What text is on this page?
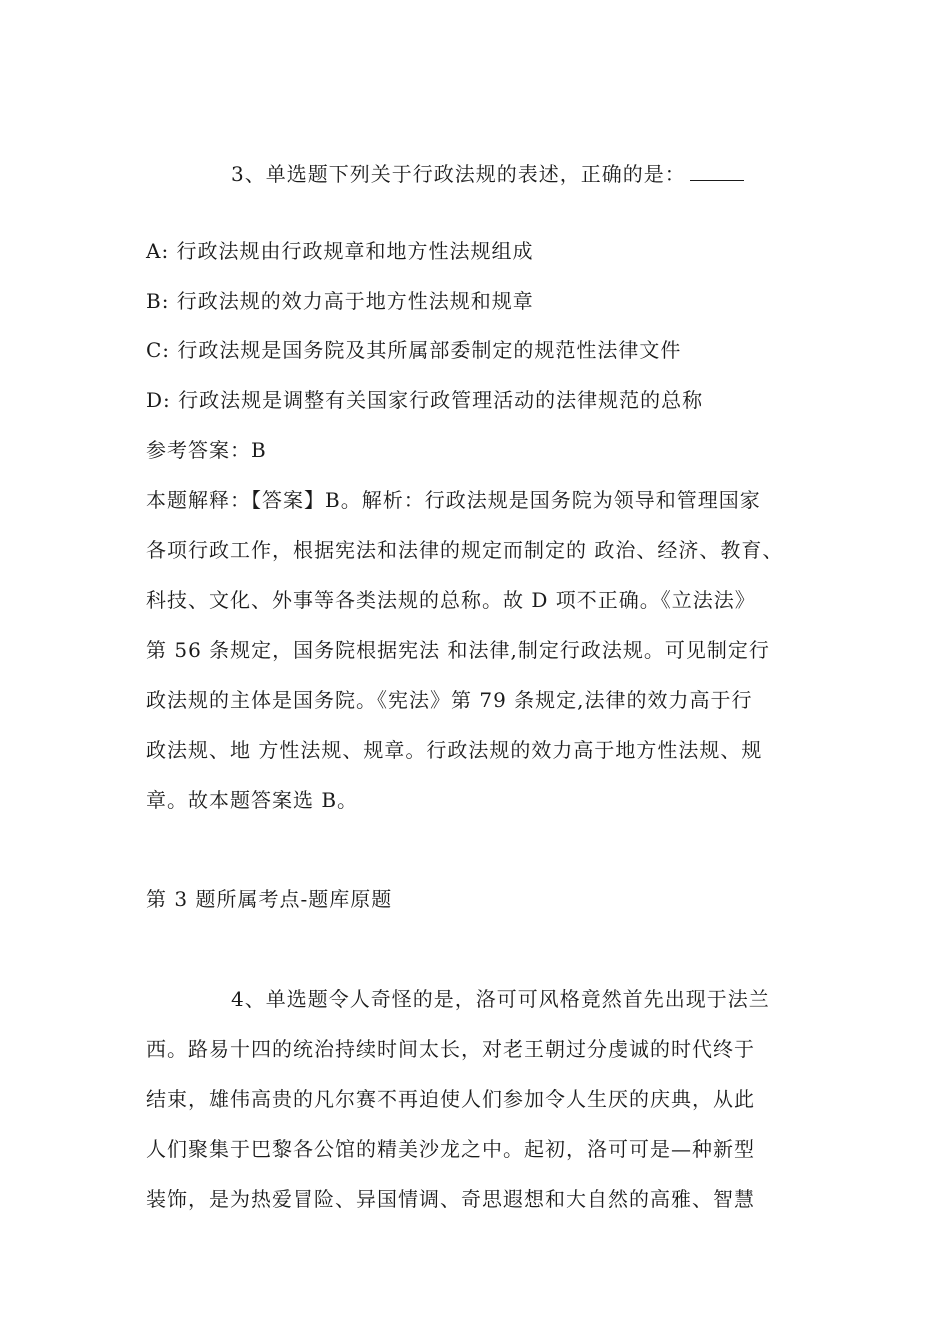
3、单选题下列关于行政法规的表述，正确的是：
A: 行政法规由行政规章和地方性法规组成
B: 行政法规的效力高于地方性法规和规章
C: 行政法规是国务院及其所属部委制定的规范性法律文件
D: 行政法规是调整有关国家行政管理活动的法律规范的总称
参考答案：B
本题解释：【答案】B。解析：行政法规是国务院为领导和管理国家
各项行政工作，根据宪法和法律的规定而制定的 政治、经济、教育、
科技、文化、外事等各类法规的总称。故 D 项不正确。《立法法》
第 56 条规定，国务院根据宪法 和法律,制定行政法规。可见制定行
政法规的主体是国务院。《宪法》第 79 条规定,法律的效力高于行
政法规、地 方性法规、规章。行政法规的效力高于地方性法规、规
章。故本题答案选 B。
第 3 题所属考点-题库原题
4、单选题令人奇怪的是，洛可可风格竟然首先出现于法兰
西。路易十四的统治持续时间太长，对老王朝过分虔诚的时代终于
结束，雄伟高贵的凡尔赛不再迫使人们参加令人生厌的庆典，从此
人们聚集于巴黎各公馆的精美沙龙之中。起初，洛可可是—种新型
装饰，是为热爱冒险、异国情调、奇思遐想和大自然的高雅、智慧
